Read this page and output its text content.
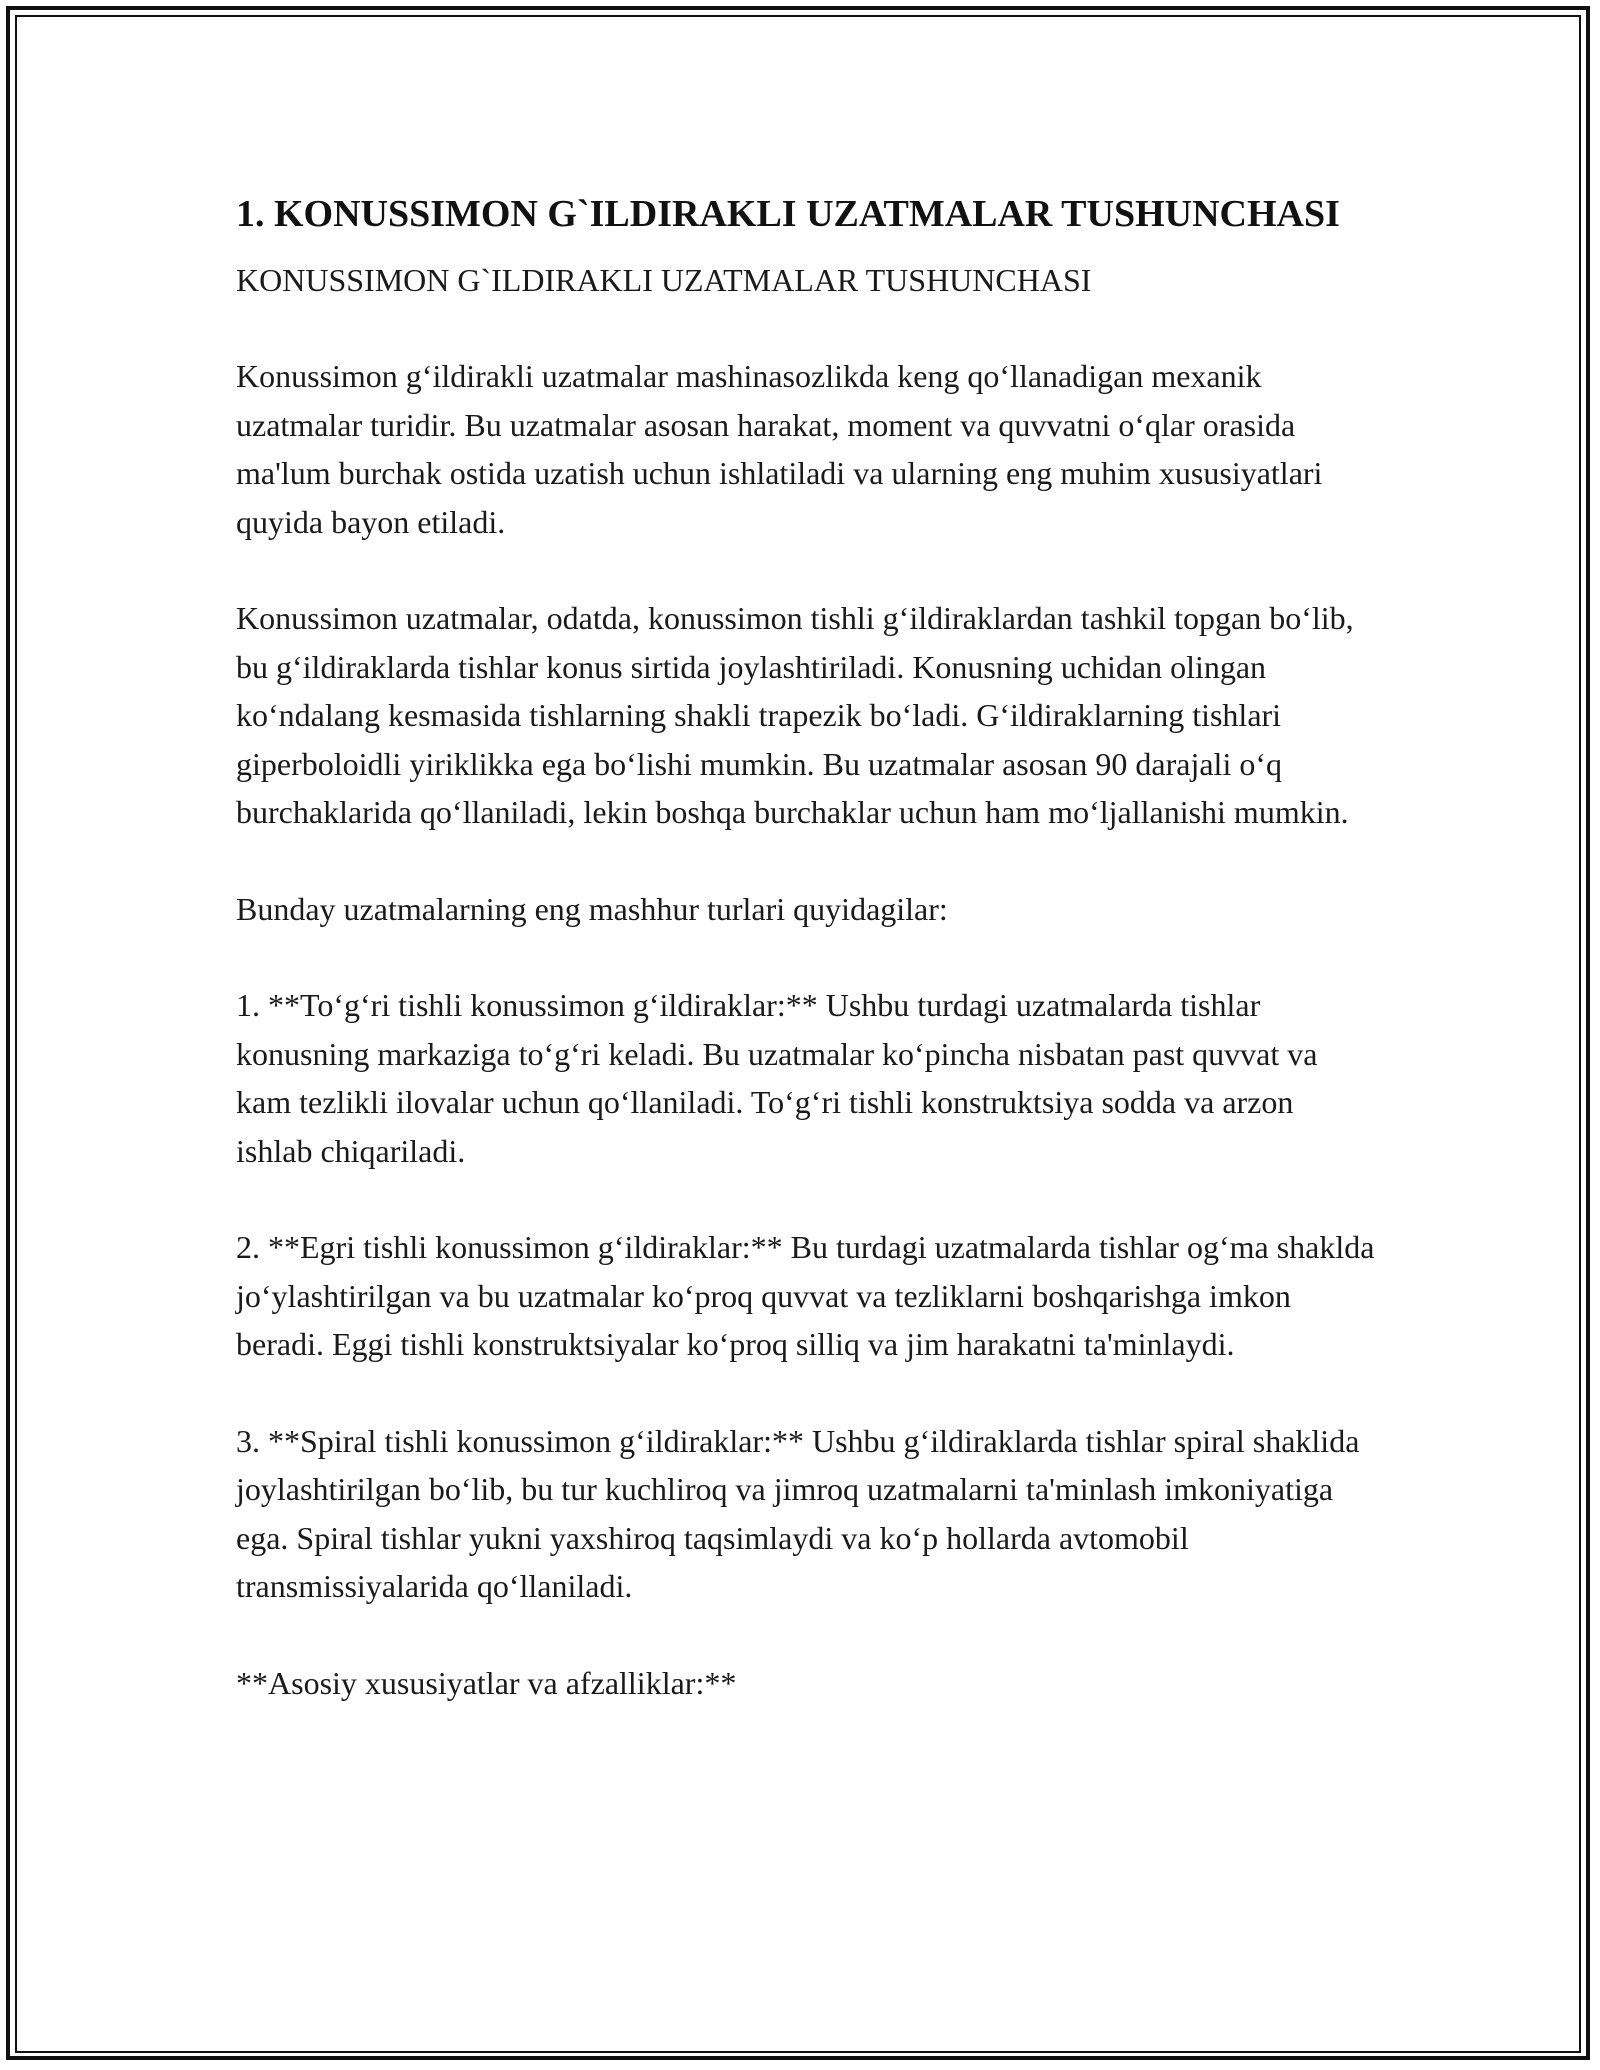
1. KONUSSIMON G`ILDIRAKLI UZATMALAR TUSHUNCHASI

KONUSSIMON G`ILDIRAKLI UZATMALAR TUSHUNCHASI

Konussimon g‘ildirakli uzatmalar mashinasozlikda keng qo‘llanadigan mexanik uzatmalar turidir. Bu uzatmalar asosan harakat, moment va quvvatni o‘qlar orasida ma'lum burchak ostida uzatish uchun ishlatiladi va ularning eng muhim xususiyatlari quyida bayon etiladi.

Konussimon uzatmalar, odatda, konussimon tishli g‘ildiraklardan tashkil topgan bo‘lib, bu g‘ildiraklarda tishlar konus sirtida joylashtiriladi. Konusning uchidan olingan ko‘ndalang kesmasida tishlarning shakli trapezik bo‘ladi. G‘ildiraklarning tishlari giperboloidli yiriklikka ega bo‘lishi mumkin. Bu uzatmalar asosan 90 darajali o‘q burchaklarida qo‘llaniladi, lekin boshqa burchaklar uchun ham mo‘ljallanishi mumkin.

Bunday uzatmalarning eng mashhur turlari quyidagilar:

1. **To‘g‘ri tishli konussimon g‘ildiraklar:** Ushbu turdagi uzatmalarda tishlar konusning markaziga to‘g‘ri keladi. Bu uzatmalar ko‘pincha nisbatan past quvvat va kam tezlikli ilovalar uchun qo‘llaniladi. To‘g‘ri tishli konstruktsiya sodda va arzon ishlab chiqariladi.

2. **Egri tishli konussimon g‘ildiraklar:** Bu turdagi uzatmalarda tishlar og‘ma shaklda jo‘ylashtirilgan va bu uzatmalar ko‘proq quvvat va tezliklarni boshqarishga imkon beradi. Eggi tishli konstruktsiyalar ko‘proq silliq va jim harakatni ta'minlaydi.

3. **Spiral tishli konussimon g‘ildiraklar:** Ushbu g‘ildiraklarda tishlar spiral shaklida joylashtirilgan bo‘lib, bu tur kuchliroq va jimroq uzatmalarni ta'minlash imkoniyatiga ega. Spiral tishlar yukni yaxshiroq taqsimlaydi va ko‘p hollarda avtomobil transmissiyalarida qo‘llaniladi.

**Asosiy xususiyatlar va afzalliklar:**
